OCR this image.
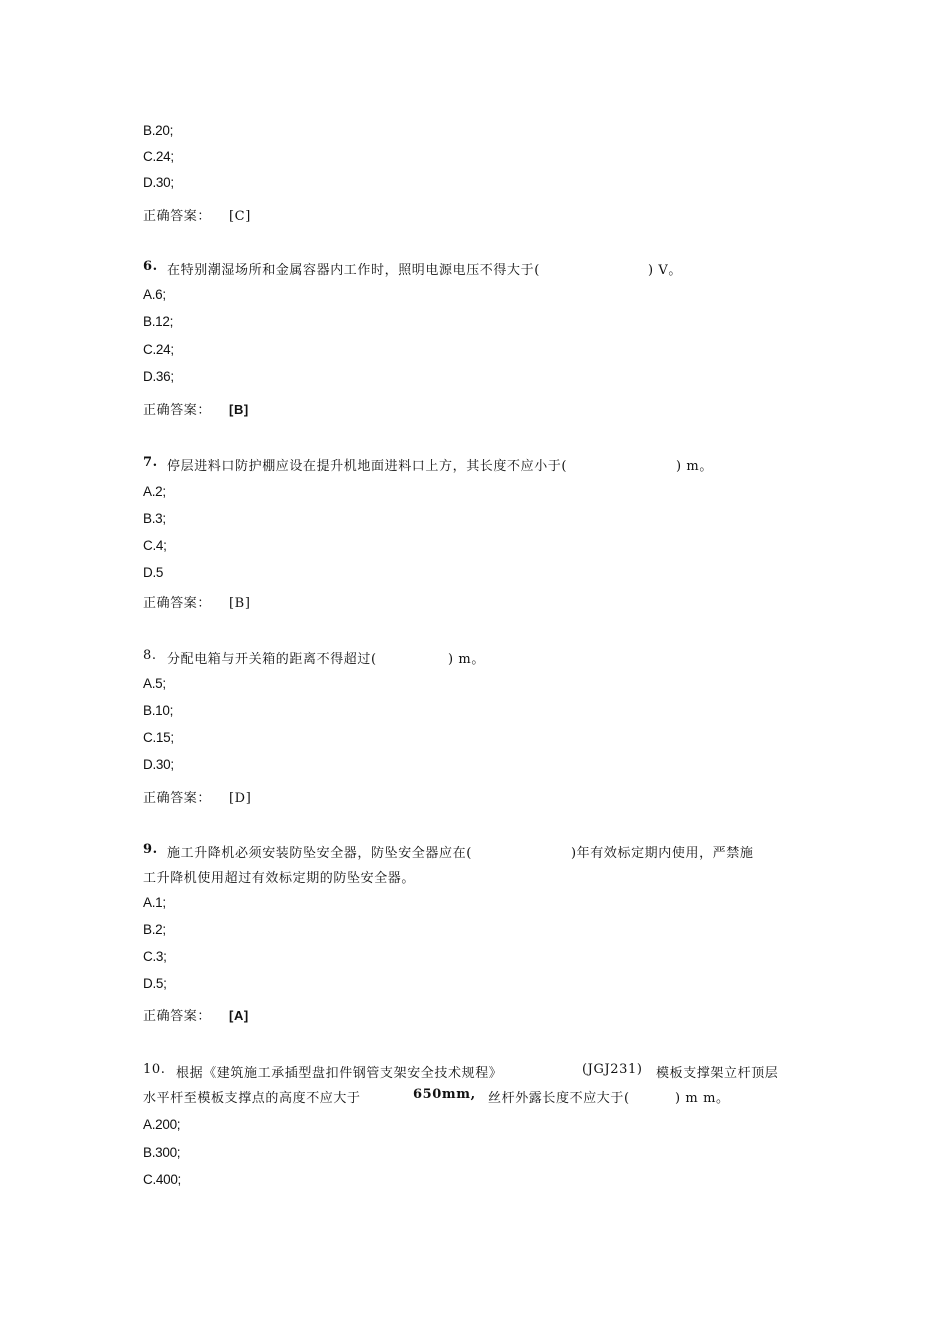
B.20;
C.24;
D.30;
正确答案： [C]
6. 在特别潮湿场所和金属容器内工作时，照明电源电压不得大于(	) V。
A.6;
B.12;
C.24;
D.36;
正确答案： [B]
7. 停层进料口防护棚应设在提升机地面进料口上方，其长度不应小于(	) m。
A.2;
B.3;
C.4;
D.5
正确答案： [B]
8. 分配电箱与开关箱的距离不得超过(	) m。
A.5;
B.10;
C.15;
D.30;
正确答案： [D]
9. 施工升降机必须安装防坠安全器，防坠安全器应在(	)年有效标定期内使用，严禁施
工升降机使用超过有效标定期的防坠安全器。
A.1;
B.2;
C.3;
D.5;
正确答案： [A]
10. 根据《建筑施工承插型盘扣件钢管支架安全技术规程》	(JGJ231) 模板支撑架立杆顶层
水平杆至模板支撑点的高度不应大于	650mm, 丝杆外露长度不应大于(	) m m。
A.200;
B.300;
C.400;
